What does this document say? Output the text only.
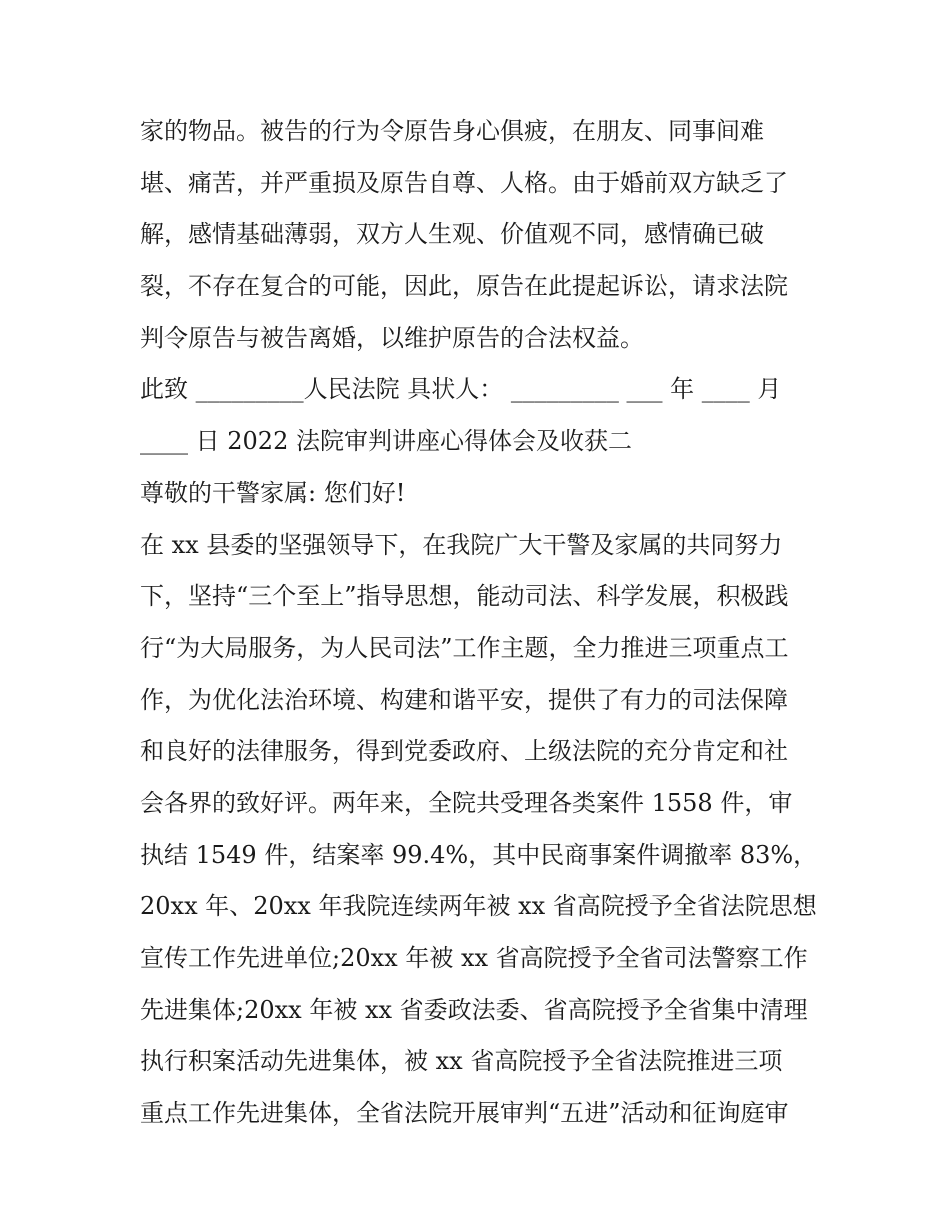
家的物品。被告的行为令原告身心俱疲，在朋友、同事间难
堪、痛苦，并严重损及原告自尊、人格。由于婚前双方缺乏了
解，感情基础薄弱，双方人生观、价值观不同，感情确已破
裂，不存在复合的可能，因此，原告在此提起诉讼，请求法院
判令原告与被告离婚，以维护原告的合法权益。
此致 _________人民法院 具状人： _________ ___ 年 ____ 月
____ 日 2022 法院审判讲座心得体会及收获二
尊敬的干警家属: 您们好!
在 xx 县委的坚强领导下，在我院广大干警及家属的共同努力
下，坚持“三个至上”指导思想，能动司法、科学发展，积极践
行“为大局服务，为人民司法”工作主题，全力推进三项重点工
作，为优化法治环境、构建和谐平安，提供了有力的司法保障
和良好的法律服务，得到党委政府、上级法院的充分肯定和社
会各界的致好评。两年来，全院共受理各类案件 1558 件，审
执结 1549 件，结案率 99.4%，其中民商事案件调撤率 83%，
20xx 年、20xx 年我院连续两年被 xx 省高院授予全省法院思想
宣传工作先进单位;20xx 年被 xx 省高院授予全省司法警察工作
先进集体;20xx 年被 xx 省委政法委、省高院授予全省集中清理
执行积案活动先进集体，被 xx 省高院授予全省法院推进三项
重点工作先进集体，全省法院开展审判“五进”活动和征询庭审
